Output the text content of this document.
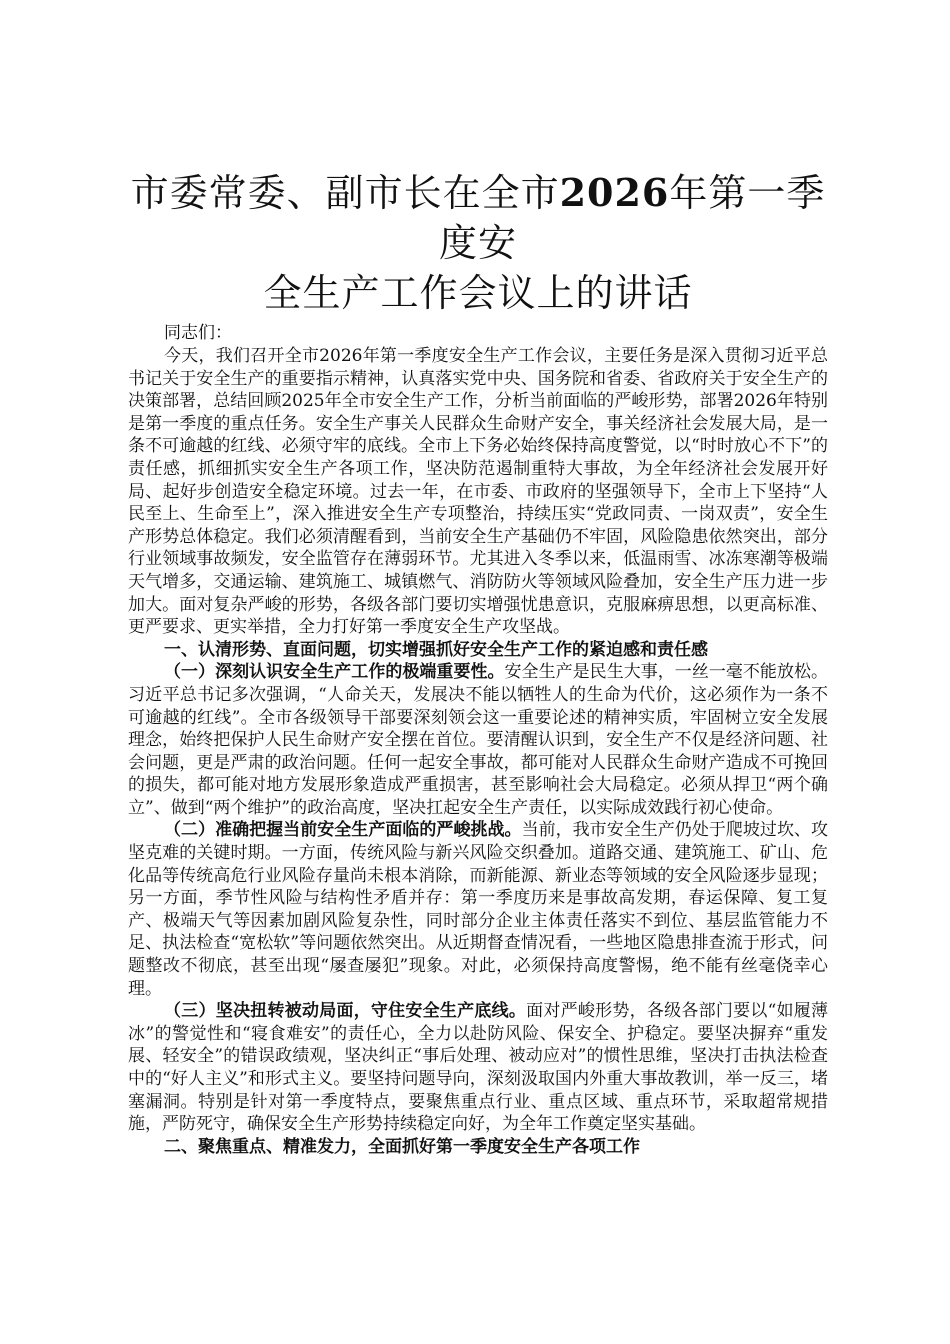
市委常委、副市长在全市2026年第一季度安
全生产工作会议上的讲话

同志们：

今天，我们召开全市2026年第一季度安全生产工作会议，主要任务是深入贯彻习近平总书记关于安全生产的重要指示精神，认真落实党中央、国务院和省委、省政府关于安全生产的决策部署，总结回顾2025年全市安全生产工作，分析当前面临的严峻形势，部署2026年特别是第一季度的重点任务。安全生产事关人民群众生命财产安全，事关经济社会发展大局，是一条不可逾越的红线、必须守牢的底线。全市上下务必始终保持高度警觉，以“时时放心不下”的责任感，抓细抓实安全生产各项工作，坚决防范遏制重特大事故，为全年经济社会发展开好局、起好步创造安全稳定环境。过去一年，在市委、市政府的坚强领导下，全市上下坚持“人民至上、生命至上”，深入推进安全生产专项整治，持续压实“党政同责、一岗双责”，安全生产形势总体稳定。我们必须清醒看到，当前安全生产基础仍不牢固，风险隐患依然突出，部分行业领域事故频发，安全监管存在薄弱环节。尤其进入冬季以来，低温雨雪、冰冻寒潮等极端天气增多，交通运输、建筑施工、城镇燃气、消防防火等领域风险叠加，安全生产压力进一步加大。面对复杂严峻的形势，各级各部门要切实增强忧患意识，克服麻痹思想，以更高标准、更严要求、更实举措，全力打好第一季度安全生产攻坚战。

一、认清形势、直面问题，切实增强抓好安全生产工作的紧迫感和责任感

（一）深刻认识安全生产工作的极端重要性。安全生产是民生大事，一丝一毫不能放松。习近平总书记多次强调，“人命关天，发展决不能以牺牲人的生命为代价，这必须作为一条不可逾越的红线”。全市各级领导干部要深刻领会这一重要论述的精神实质，牢固树立安全发展理念，始终把保护人民生命财产安全摆在首位。要清醒认识到，安全生产不仅是经济问题、社会问题，更是严肃的政治问题。任何一起安全事故，都可能对人民群众生命财产造成不可挽回的损失，都可能对地方发展形象造成严重损害，甚至影响社会大局稳定。必须从捍卫“两个确立”、做到“两个维护”的政治高度，坚决扛起安全生产责任，以实际成效践行初心使命。

（二）准确把握当前安全生产面临的严峻挑战。当前，我市安全生产仍处于爬坡过坎、攻坚克难的关键时期。一方面，传统风险与新兴风险交织叠加。道路交通、建筑施工、矿山、危化品等传统高危行业风险存量尚未根本消除，而新能源、新业态等领域的安全风险逐步显现；另一方面，季节性风险与结构性矛盾并存：第一季度历来是事故高发期，春运保障、复工复产、极端天气等因素加剧风险复杂性，同时部分企业主体责任落实不到位、基层监管能力不足、执法检查“宽松软”等问题依然突出。从近期督查情况看，一些地区隐患排查流于形式，问题整改不彻底，甚至出现“屡查屡犯”现象。对此，必须保持高度警惕，绝不能有丝毫侥幸心理。

（三）坚决扭转被动局面，守住安全生产底线。面对严峻形势，各级各部门要以“如履薄冰”的警觉性和“寝食难安”的责任心，全力以赴防风险、保安全、护稳定。要坚决摒弃“重发展、轻安全”的错误政绩观，坚决纠正“事后处理、被动应对”的惯性思维，坚决打击执法检查中的“好人主义”和形式主义。要坚持问题导向，深刻汲取国内外重大事故教训，举一反三，堵塞漏洞。特别是针对第一季度特点，要聚焦重点行业、重点区域、重点环节，采取超常规措施，严防死守，确保安全生产形势持续稳定向好，为全年工作奠定坚实基础。

二、聚焦重点、精准发力，全面抓好第一季度安全生产各项工作
